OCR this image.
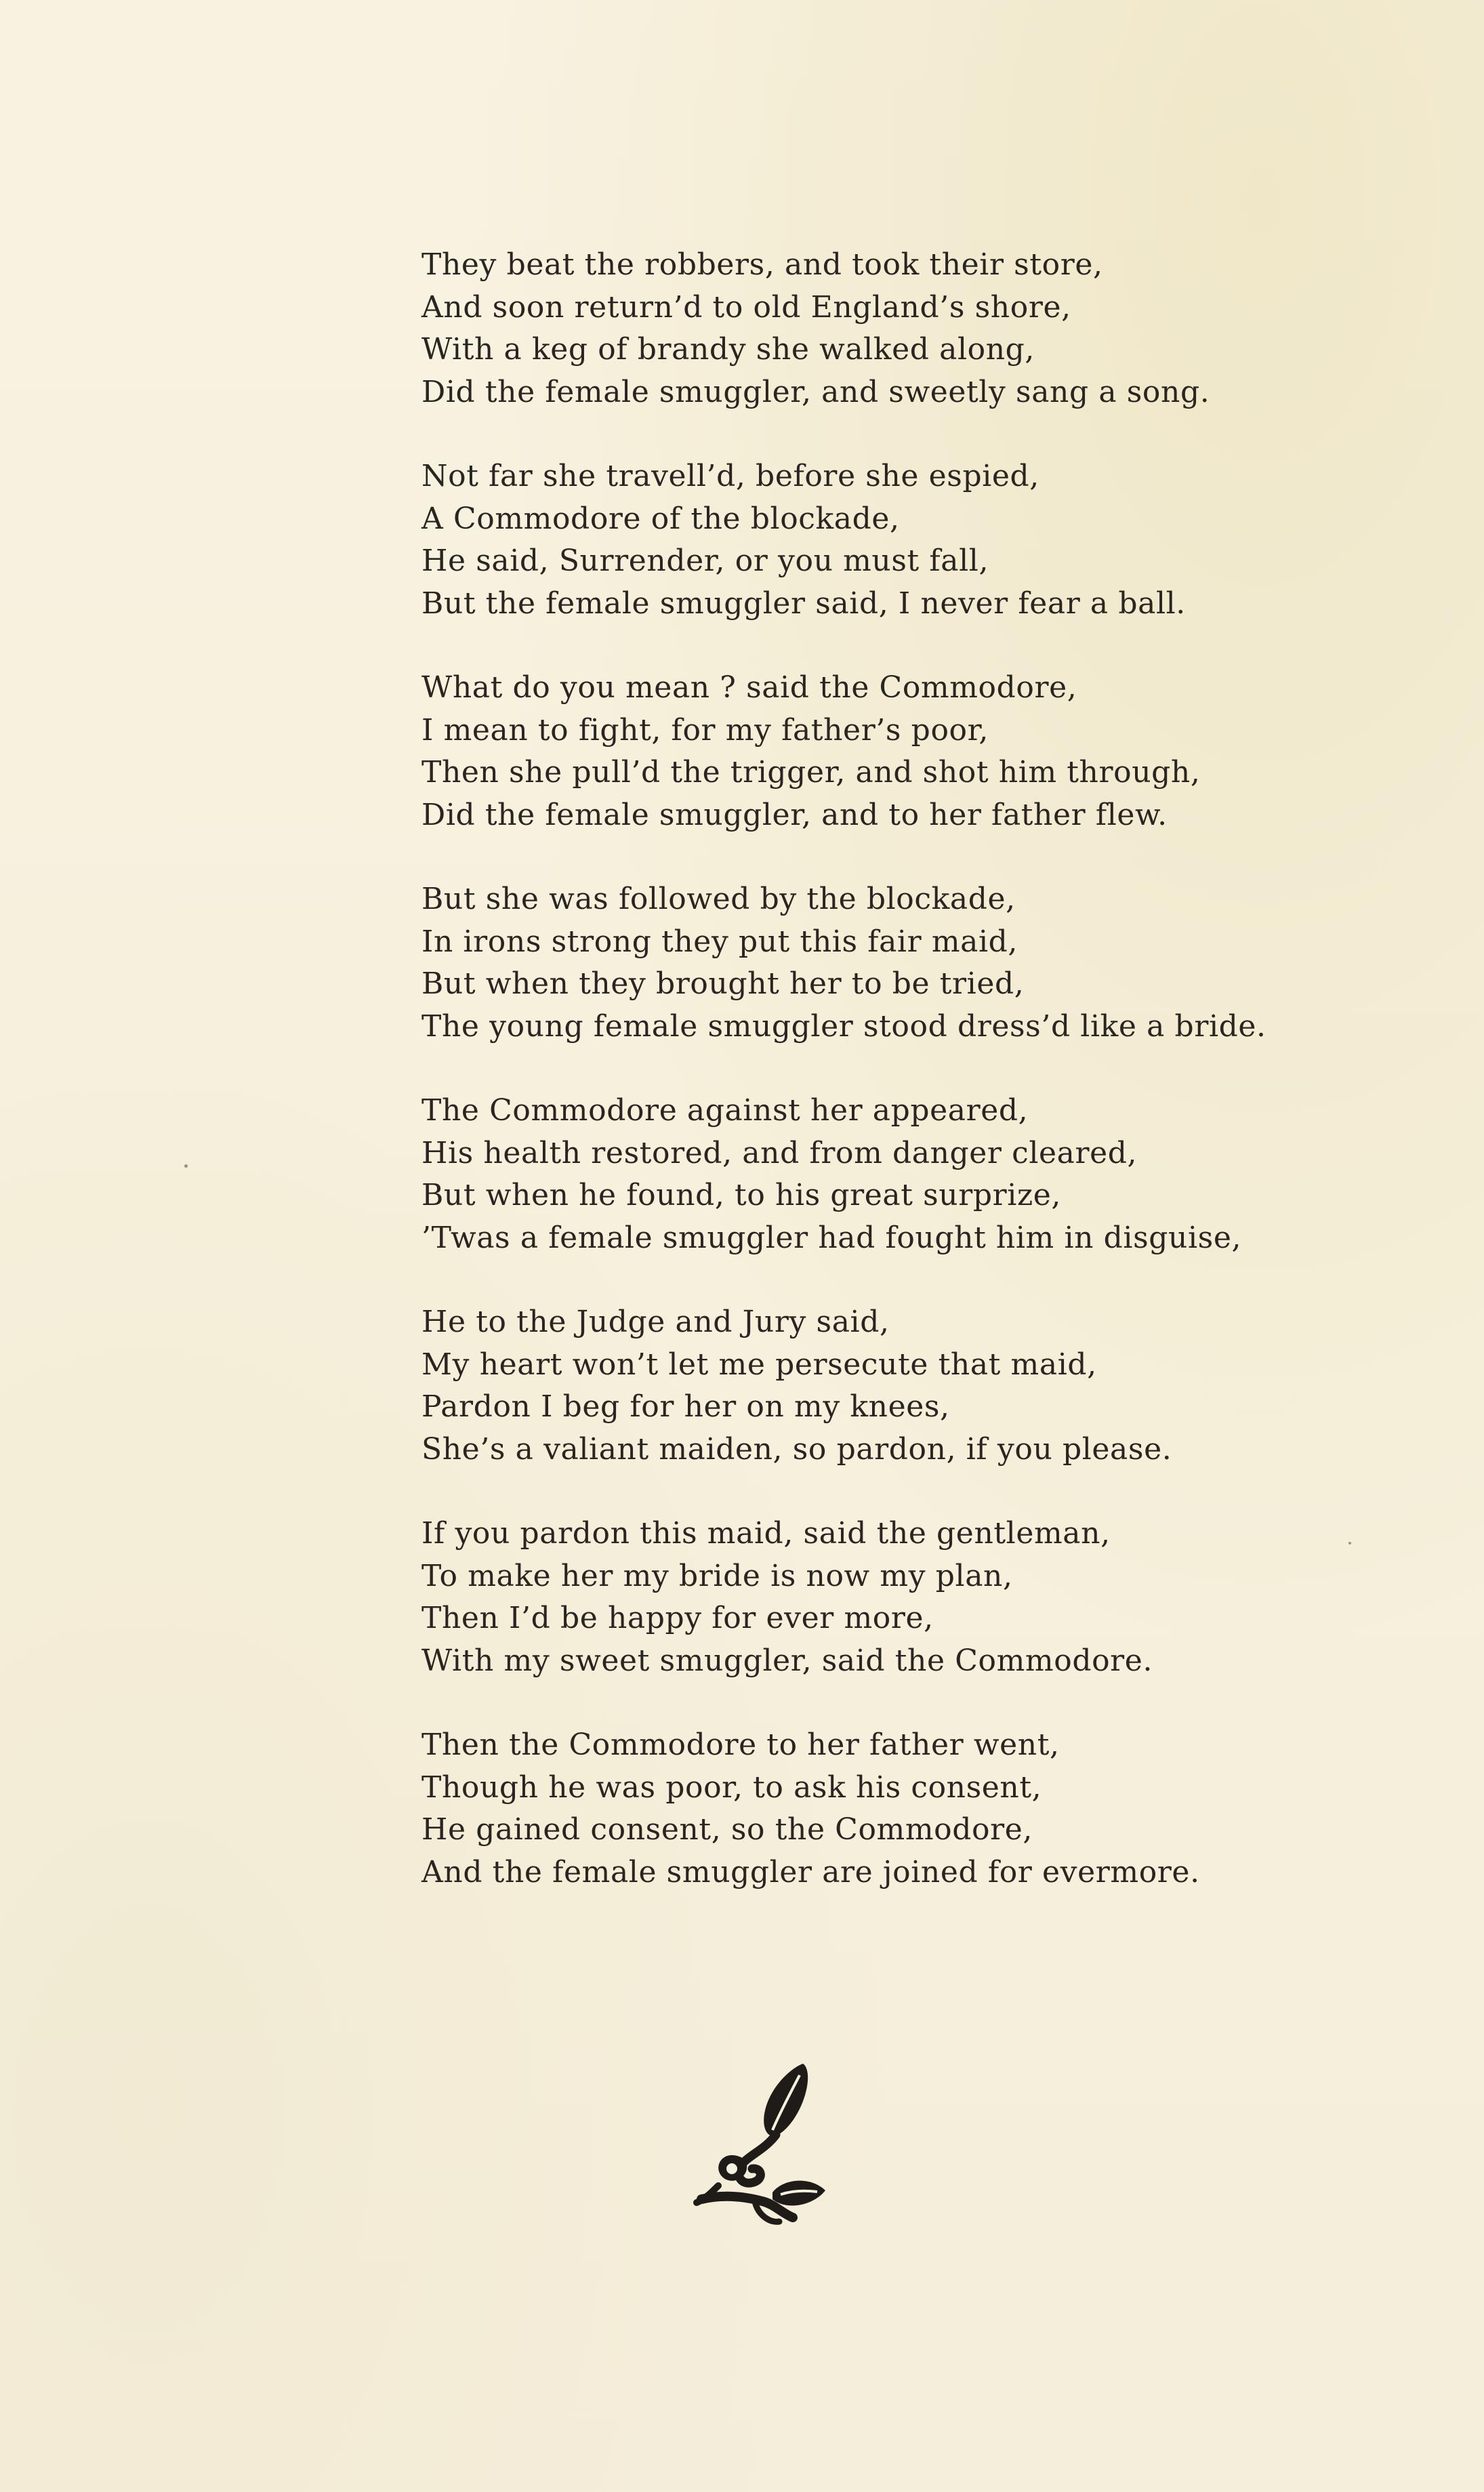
They beat the robbers, and took their store,
And soon return’d to old England’s shore,
With a keg of brandy she walked along,
Did the female smuggler, and sweetly sang a song.
Not far she travell’d, before she espied,
A Commodore of the blockade,
He said, Surrender, or you must fall,
But the female smuggler said, I never fear a ball.
What do you mean ? said the Commodore,
I mean to fight, for my father’s poor,
Then she pull’d the trigger, and shot him through,
Did the female smuggler, and to her father flew.
But she was followed by the blockade,
In irons strong they put this fair maid,
But when they brought her to be tried,
The young female smuggler stood dress’d like a bride.
The Commodore against her appeared,
His health restored, and from danger cleared,
But when he found, to his great surprize,
’Twas a female smuggler had fought him in disguise,
He to the Judge and Jury said,
My heart won’t let me persecute that maid,
Pardon I beg for her on my knees,
She’s a valiant maiden, so pardon, if you please.
If you pardon this maid, said the gentleman,
To make her my bride is now my plan,
Then I’d be happy for ever more,
With my sweet smuggler, said the Commodore.
Then the Commodore to her father went,
Though he was poor, to ask his consent,
He gained consent, so the Commodore,
And the female smuggler are joined for evermore.
